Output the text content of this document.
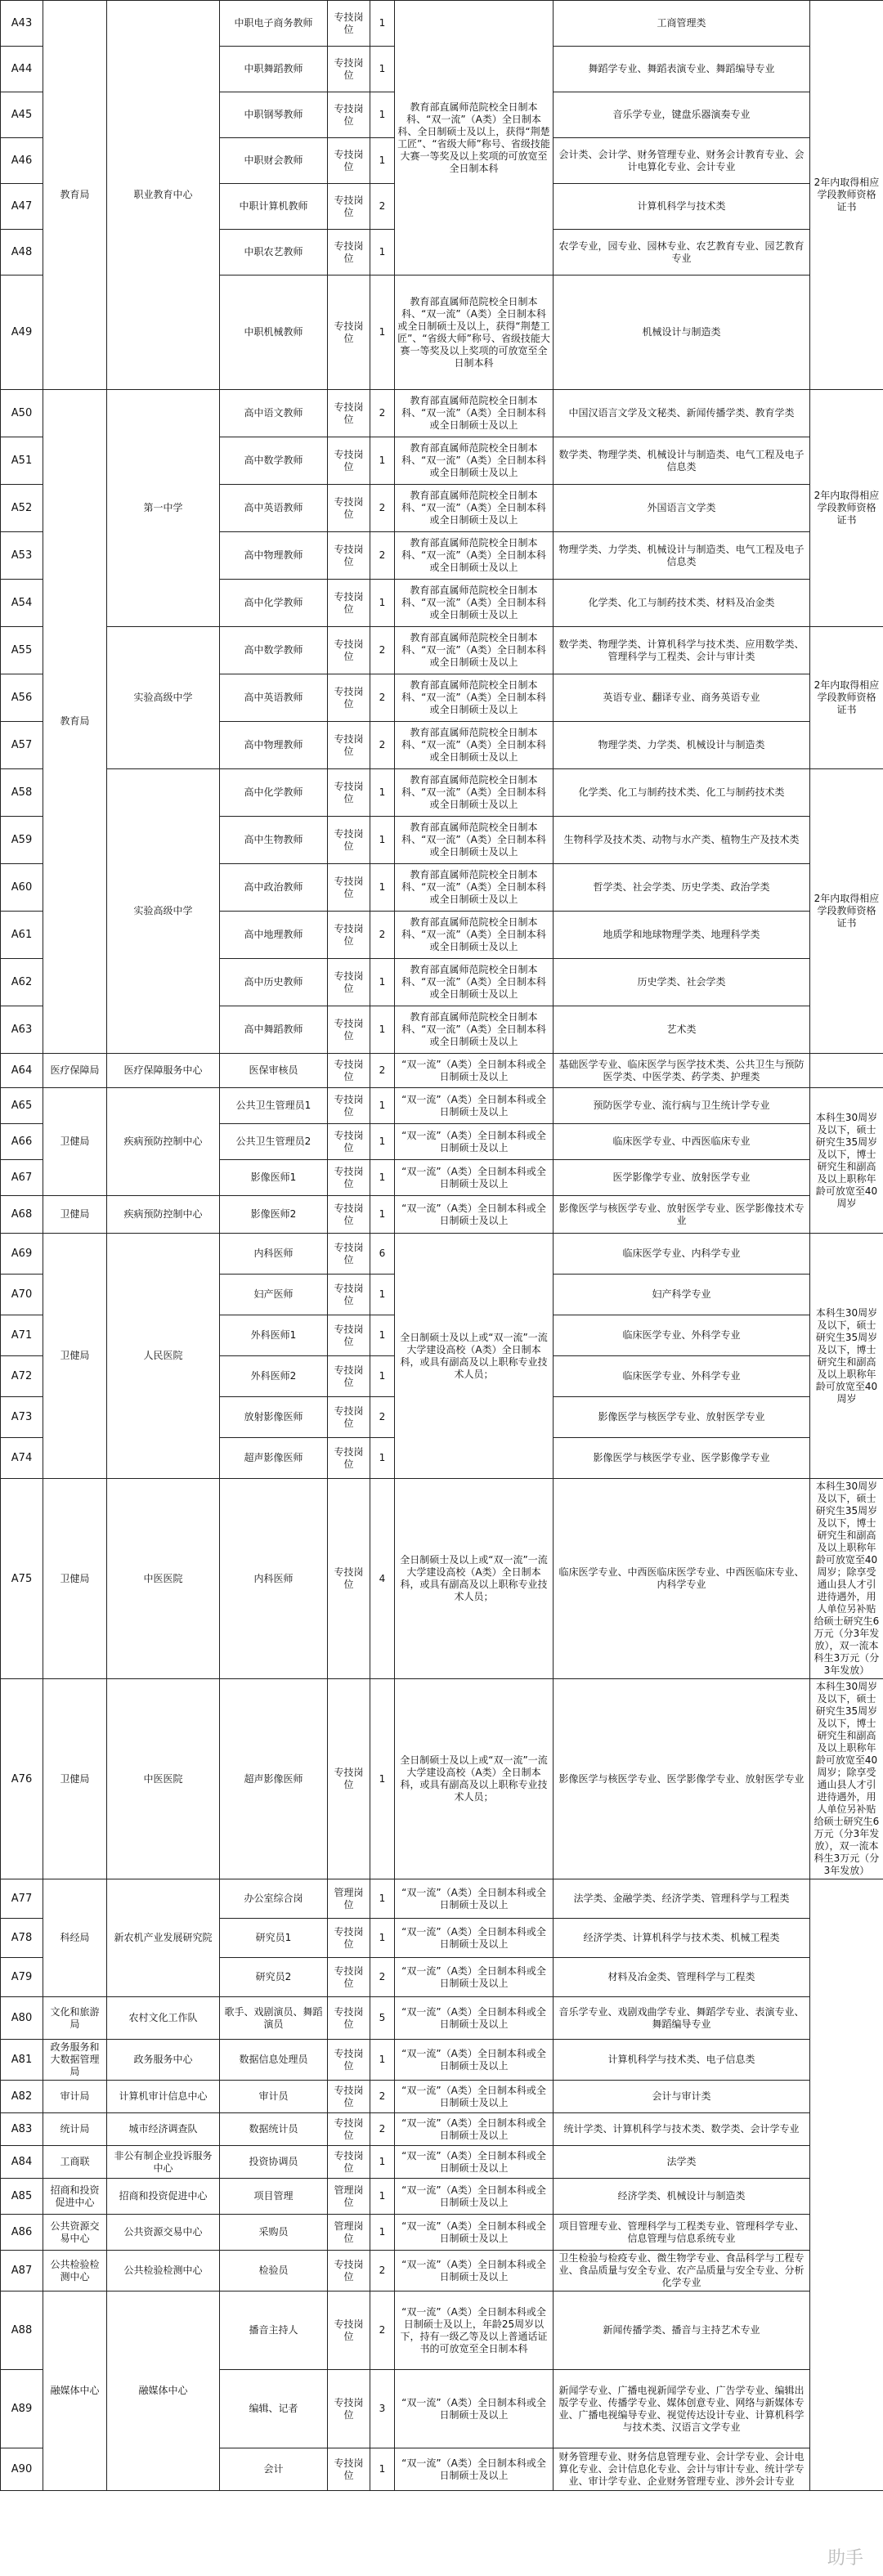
A43	教育局	职业教育中心	中职电子商务教师	专技岗位	1	教育部直属师范院校全日制本科、“双一流”（A类）全日制本科、全日制硕士及以上，获得“荆楚工匠”、“省级大师”称号、省级技能大赛一等奖及以上奖项的可放宽至全日制本科	工商管理类	2年内取得相应学段教师资格证书
A44			中职舞蹈教师	专技岗位	1		舞蹈学专业、舞蹈表演专业、舞蹈编导专业	
A45			中职钢琴教师	专技岗位	1		音乐学专业，键盘乐器演奏专业	
A46			中职财会教师	专技岗位	1		会计类、会计学、财务管理专业、财务会计教育专业、会计电算化专业、会计专业	
A47			中职计算机教师	专技岗位	2		计算机科学与技术类	
A48			中职农艺教师	专技岗位	1		农学专业，园专业、园林专业、农艺教育专业、园艺教育专业	
A49			中职机械教师	专技岗位	1	教育部直属师范院校全日制本科、“双一流”（A类）全日制本科或全日制硕士及以上，获得“荆楚工匠”、“省级大师”称号、省级技能大赛一等奖及以上奖项的可放宽至全日制本科	机械设计与制造类	
A50	教育局	第一中学	高中语文教师	专技岗位	2	教育部直属师范院校全日制本科、“双一流”（A类）全日制本科或全日制硕士及以上	中国汉语言文学及文秘类、新闻传播学类、教育学类	2年内取得相应学段教师资格证书
A51			高中数学教师	专技岗位	1	教育部直属师范院校全日制本科、“双一流”（A类）全日制本科或全日制硕士及以上	数学类、物理学类、机械设计与制造类、电气工程及电子信息类	
A52			高中英语教师	专技岗位	2	教育部直属师范院校全日制本科、“双一流”（A类）全日制本科或全日制硕士及以上	外国语言文学类	
A53			高中物理教师	专技岗位	2	教育部直属师范院校全日制本科、“双一流”（A类）全日制本科或全日制硕士及以上	物理学类、力学类、机械设计与制造类、电气工程及电子信息类	
A54			高中化学教师	专技岗位	1	教育部直属师范院校全日制本科、“双一流”（A类）全日制本科或全日制硕士及以上	化学类、化工与制药技术类、材料及冶金类	
A55		实验高级中学	高中数学教师	专技岗位	2	教育部直属师范院校全日制本科、“双一流”（A类）全日制本科或全日制硕士及以上	数学类、物理学类、计算机科学与技术类、应用数学类、管理科学与工程类、会计与审计类	2年内取得相应学段教师资格证书
A56			高中英语教师	专技岗位	2	教育部直属师范院校全日制本科、“双一流”（A类）全日制本科或全日制硕士及以上	英语专业、翻译专业、商务英语专业	
A57			高中物理教师	专技岗位	2	教育部直属师范院校全日制本科、“双一流”（A类）全日制本科或全日制硕士及以上	物理学类、力学类、机械设计与制造类	
A58		实验高级中学	高中化学教师	专技岗位	1	教育部直属师范院校全日制本科、“双一流”（A类）全日制本科或全日制硕士及以上	化学类、化工与制药技术类、化工与制药技术类	2年内取得相应学段教师资格证书
A59			高中生物教师	专技岗位	1	教育部直属师范院校全日制本科、“双一流”（A类）全日制本科或全日制硕士及以上	生物科学及技术类、动物与水产类、植物生产及技术类	
A60			高中政治教师	专技岗位	1	教育部直属师范院校全日制本科、“双一流”（A类）全日制本科或全日制硕士及以上	哲学类、社会学类、历史学类、政治学类	
A61			高中地理教师	专技岗位	2	教育部直属师范院校全日制本科、“双一流”（A类）全日制本科或全日制硕士及以上	地质学和地球物理学类、地理科学类	
A62			高中历史教师	专技岗位	1	教育部直属师范院校全日制本科、“双一流”（A类）全日制本科或全日制硕士及以上	历史学类、社会学类	
A63			高中舞蹈教师	专技岗位	1	教育部直属师范院校全日制本科、“双一流”（A类）全日制本科或全日制硕士及以上	艺术类	
A64	医疗保障局	医疗保障服务中心	医保审核员	专技岗位	2	“双一流”（A类）全日制本科或全日制硕士及以上	基础医学专业、临床医学与医学技术类、公共卫生与预防医学类、中医学类、药学类、护理类	
A65	卫健局	疾病预防控制中心	公共卫生管理员1	专技岗位	1	“双一流”（A类）全日制本科或全日制硕士及以上	预防医学专业、流行病与卫生统计学专业	本科生30周岁及以下，硕士研究生35周岁及以下，博士研究生和副高及以上职称年龄可放宽至40周岁
A66			公共卫生管理员2	专技岗位	1	“双一流”（A类）全日制本科或全日制硕士及以上	临床医学专业、中西医临床专业	
A67			影像医师1	专技岗位	1	“双一流”（A类）全日制本科或全日制硕士及以上	医学影像学专业、放射医学专业	
A68	卫健局	疾病预防控制中心	影像医师2	专技岗位	1	“双一流”（A类）全日制本科或全日制硕士及以上	影像医学与核医学专业、放射医学专业、医学影像技术专业	
A69	卫健局	人民医院	内科医师	专技岗位	6	全日制硕士及以上或“双一流”一流大学建设高校（A类）全日制本科，或具有副高及以上职称专业技术人员；	临床医学专业、内科学专业	本科生30周岁及以下，硕士研究生35周岁及以下，博士研究生和副高及以上职称年龄可放宽至40周岁
A70			妇产医师	专技岗位	1		妇产科学专业	
A71			外科医师1	专技岗位	1		临床医学专业、外科学专业	
A72			外科医师2	专技岗位	1		临床医学专业、外科学专业	
A73			放射影像医师	专技岗位	2		影像医学与核医学专业、放射医学专业	
A74			超声影像医师	专技岗位	1		影像医学与核医学专业、医学影像学专业	
A75	卫健局	中医医院	内科医师	专技岗位	4	全日制硕士及以上或“双一流”一流大学建设高校（A类）全日制本科，或具有副高及以上职称专业技术人员；	临床医学专业、中西医临床医学专业、中西医临床专业、内科学专业	本科生30周岁及以下，硕士研究生35周岁及以下，博士研究生和副高及以上职称年龄可放宽至40周岁；除享受通山县人才引进待遇外，用人单位另补贴给硕士研究生6万元（分3年发放），双一流本科生3万元（分3年发放）
A76	卫健局	中医医院	超声影像医师	专技岗位	1	全日制硕士及以上或“双一流”一流大学建设高校（A类）全日制本科，或具有副高及以上职称专业技术人员；	影像医学与核医学专业、医学影像学专业、放射医学专业	本科生30周岁及以下，硕士研究生35周岁及以下，博士研究生和副高及以上职称年龄可放宽至40周岁；除享受通山县人才引进待遇外，用人单位另补贴给硕士研究生6万元（分3年发放），双一流本科生3万元（分3年发放）
A77	科经局	新农机产业发展研究院	办公室综合岗	管理岗位	1	“双一流”（A类）全日制本科或全日制硕士及以上	法学类、金融学类、经济学类、管理科学与工程类	
A78			研究员1	专技岗位	1	“双一流”（A类）全日制本科或全日制硕士及以上	经济学类、计算机科学与技术类、机械工程类	
A79			研究员2	专技岗位	2	“双一流”（A类）全日制本科或全日制硕士及以上	材料及冶金类、管理科学与工程类	
A80	文化和旅游局	农村文化工作队	歌手、戏剧演员、舞蹈演员	专技岗位	5	“双一流”（A类）全日制本科或全日制硕士及以上	音乐学专业、戏剧戏曲学专业、舞蹈学专业、表演专业、舞蹈编导专业	
A81	政务服务和大数据管理局	政务服务中心	数据信息处理员	专技岗位	1	“双一流”（A类）全日制本科或全日制硕士及以上	计算机科学与技术类、电子信息类	
A82	审计局	计算机审计信息中心	审计员	专技岗位	2	“双一流”（A类）全日制本科或全日制硕士及以上	会计与审计类	
A83	统计局	城市经济调查队	数据统计员	专技岗位	2	“双一流”（A类）全日制本科或全日制硕士及以上	统计学类、计算机科学与技术类、数学类、会计学专业	
A84	工商联	非公有制企业投诉服务中心	投资协调员	专技岗位	1	“双一流”（A类）全日制本科或全日制硕士及以上	法学类	
A85	招商和投资促进中心	招商和投资促进中心	项目管理	管理岗位	1	“双一流”（A类）全日制本科或全日制硕士及以上	经济学类、机械设计与制造类	
A86	公共资源交易中心	公共资源交易中心	采购员	管理岗位	1	“双一流”（A类）全日制本科或全日制硕士及以上	项目管理专业、管理科学与工程类专业、管理科学专业、信息管理与信息系统专业	
A87	公共检验检测中心	公共检验检测中心	检验员	专技岗位	2	“双一流”（A类）全日制本科或全日制硕士及以上	卫生检验与检疫专业、微生物学专业、食品科学与工程专业、食品质量与安全专业、农产品质量与安全专业、分析化学专业	
A88	融媒体中心	融媒体中心	播音主持人	专技岗位	2	“双一流”（A类）全日制本科或全日制硕士及以上，年龄25周岁以下，持有一级乙等及以上普通话证书的可放宽至全日制本科	新闻传播学类、播音与主持艺术专业	
A89			编辑、记者	专技岗位	3	“双一流”（A类）全日制本科或全日制硕士及以上	新闻学专业、广播电视新闻学专业、广告学专业、编辑出版学专业、传播学专业、媒体创意专业、网络与新媒体专业、广播电视编导专业、视觉传达设计专业、计算机科学与技术类、汉语言文学专业	
A90			会计	专技岗位	1	“双一流”（A类）全日制本科或全日制硕士及以上	财务管理专业、财务信息管理专业、会计学专业、会计电算化专业、会计信息化专业、会计与审计专业、统计学专业、审计学专业、企业财务管理专业、涉外会计专业	
助手
